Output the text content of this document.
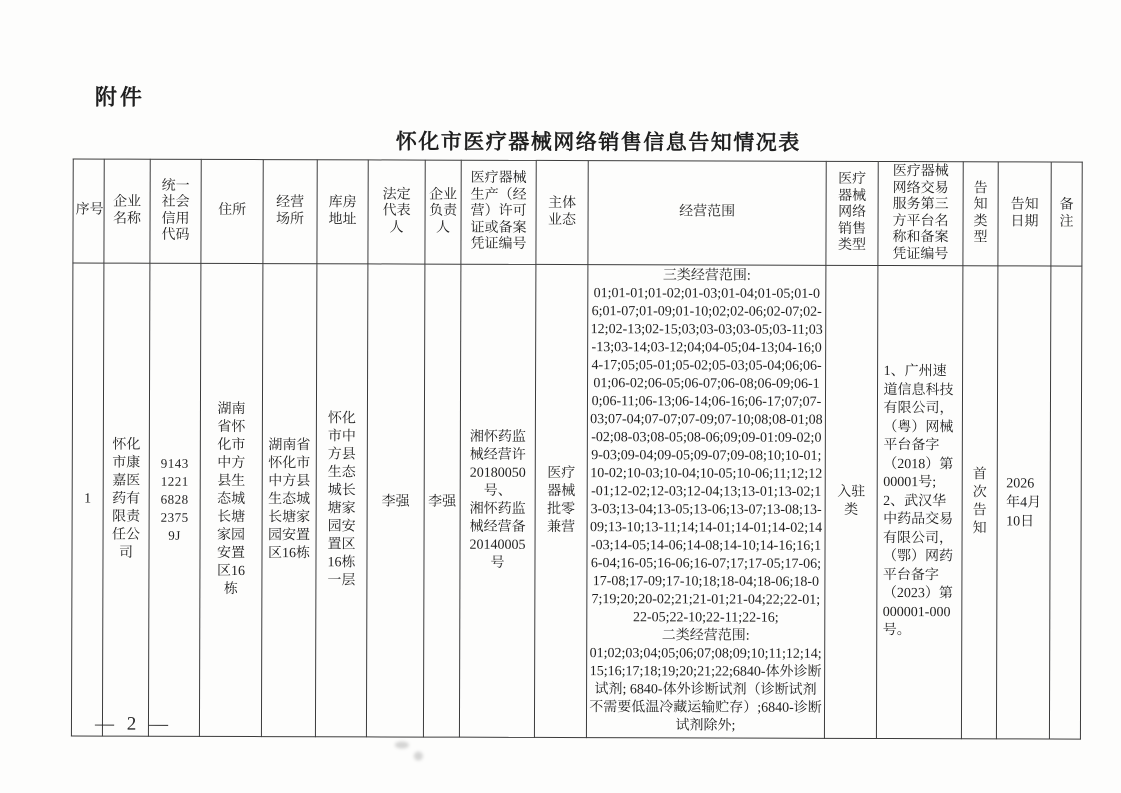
附件
怀化市医疗器械网络销售信息告知情况表
序号	企业名称	统一社会信用代码	住所	经营场所	库房地址	法定代表人	企业负责人	医疗器械生产（经营）许可证或备案凭证编号	主体业态	经营范围	医疗器械网络销售类型	医疗器械网络交易服务第三方平台名称和备案凭证编号	告知类型	告知日期	备注
1	怀化市康嘉医药有限责任公司	91431221682823759J	湖南省怀化市中方县生态城长塘家园安置区16栋	湖南省怀化市中方县生态城长塘家园安置区16栋	怀化市中方县生态城长塘家园安置区16栋一层	李强	李强	湘怀药监械经营许20180050号、
湘怀药监械经营备20140005号	医疗器械批零兼营	三类经营范围:
01;01-01;01-02;01-03;01-04;01-05;01-06;01-07;01-09;01-10;02;02-06;02-07;02-12;02-13;02-15;03;03-03;03-05;03-11;03-13;03-14;03-12;04;04-05;04-13;04-16;04-17;05;05-01;05-02;05-03;05-04;06;06-01;06-02;06-05;06-07;06-08;06-09;06-10;06-11;06-13;06-14;06-16;06-17;07;07-03;07-04;07-07;07-09;07-10;08;08-01;08-02;08-03;08-05;08-06;09;09-01:09-02;09-03;09-04;09-05;09-07;09-08;10;10-01;10-02;10-03;10-04;10-05;10-06;11;12;12-01;12-02;12-03;12-04;13;13-01;13-02;13-03;13-04;13-05;13-06;13-07;13-08;13-09;13-10;13-11;14;14-01;14-01;14-02;14-03;14-05;14-06;14-08;14-10;14-16;16;16-04;16-05;16-06;16-07;17;17-05;17-06;17-08;17-09;17-10;18;18-04;18-06;18-07;19;20;20-02;21;21-01;21-04;22;22-01;22-05;22-10;22-11;22-16;
二类经营范围:
01;02;03;04;05;06;07;08;09;10;11;12;14;15;16;17;18;19;20;21;22;6840-体外诊断试剂; 6840-体外诊断试剂（诊断试剂不需要低温冷藏运输贮存）;6840-诊断试剂除外;	入驻类	1、广州速道信息科技有限公司，（粤）网械平台备字
（2018）第00001号;
2、武汉华中药品交易有限公司，（鄂）网药平台备字
（2023）第000001-000号。	首次告知	2026
年4月
10日	
— 2 —
